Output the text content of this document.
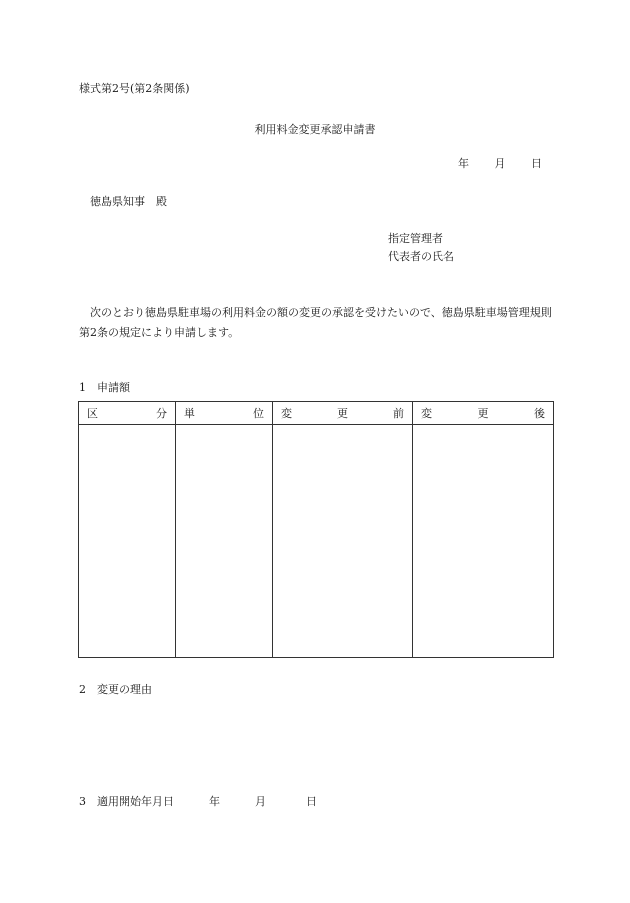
様式第2号(第2条関係)
利用料金変更承認申請書
年 月 日
徳島県知事　殿
指定管理者
代表者の氏名
次のとおり徳島県駐車場の利用料金の額の変更の承認を受けたいので、徳島県駐車場管理規則第2条の規定により申請します。
1 申請額
区 分	単 位	変 更 前	変 更 後

2 変更の理由
3 適用開始年月日	年	月	日
